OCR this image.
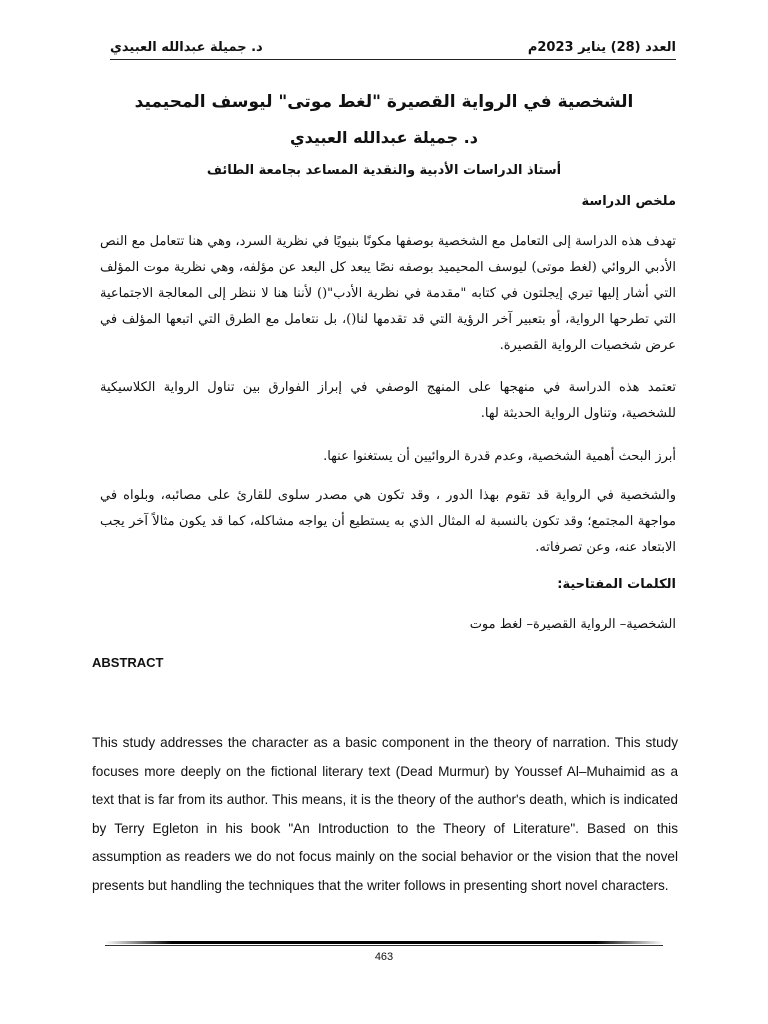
العدد (28) يناير 2023م
د. جميلة عبدالله العبيدي
الشخصية في الرواية القصيرة "لغط موتى" ليوسف المحيميد
د. جميلة عبدالله العبيدي
أستاذ الدراسات الأدبية والنقدية المساعد بجامعة الطائف
ملخص الدراسة
تهدف هذه الدراسة إلى التعامل مع الشخصية بوصفها مكونًا بنيويًا في نظرية السرد، وهي هنا تتعامل مع النص الأدبي الروائي (لغط موتى) ليوسف المحيميد بوصفه نصًا يبعد كل البعد عن مؤلفه، وهي نظرية موت المؤلف التي أشار إليها تيري إيجلتون في كتابه "مقدمة في نظرية الأدب"() لأننا هنا لا ننظر إلى المعالجة الاجتماعية التي تطرحها الرواية، أو بتعبير آخر الرؤية التي قد تقدمها لنا()، بل نتعامل مع الطرق التي اتبعها المؤلف في عرض شخصيات الرواية القصيرة.
تعتمد هذه الدراسة في منهجها على المنهج الوصفي في إبراز الفوارق بين تناول الرواية الكلاسيكية للشخصية، وتناول الرواية الحديثة لها.
أبرز البحث أهمية الشخصية، وعدم قدرة الروائيين أن يستغنوا عنها.
والشخصية في الرواية قد تقوم بهذا الدور ، وقد تكون هي مصدر سلوى للقارئ على مصائبه، وبلواه في مواجهة المجتمع؛ وقد تكون بالنسبة له المثال الذي به يستطيع أن يواجه مشاكله، كما قد يكون مثالاً آخر يجب الابتعاد عنه، وعن تصرفاته.
الكلمات المفتاحية:
الشخصية– الرواية القصيرة– لغط موت
ABSTRACT
This study addresses the character as a basic component in the theory of narration. This study focuses more deeply on the fictional literary text (Dead Murmur) by Youssef Al–Muhaimid as a text that is far from its author. This means, it is the theory of the author's death, which is indicated by Terry Egleton in his book "An Introduction to the Theory of Literature". Based on this assumption as readers we do not focus mainly on the social behavior or the vision that the novel presents but handling the techniques that the writer follows in presenting short novel characters.
463
